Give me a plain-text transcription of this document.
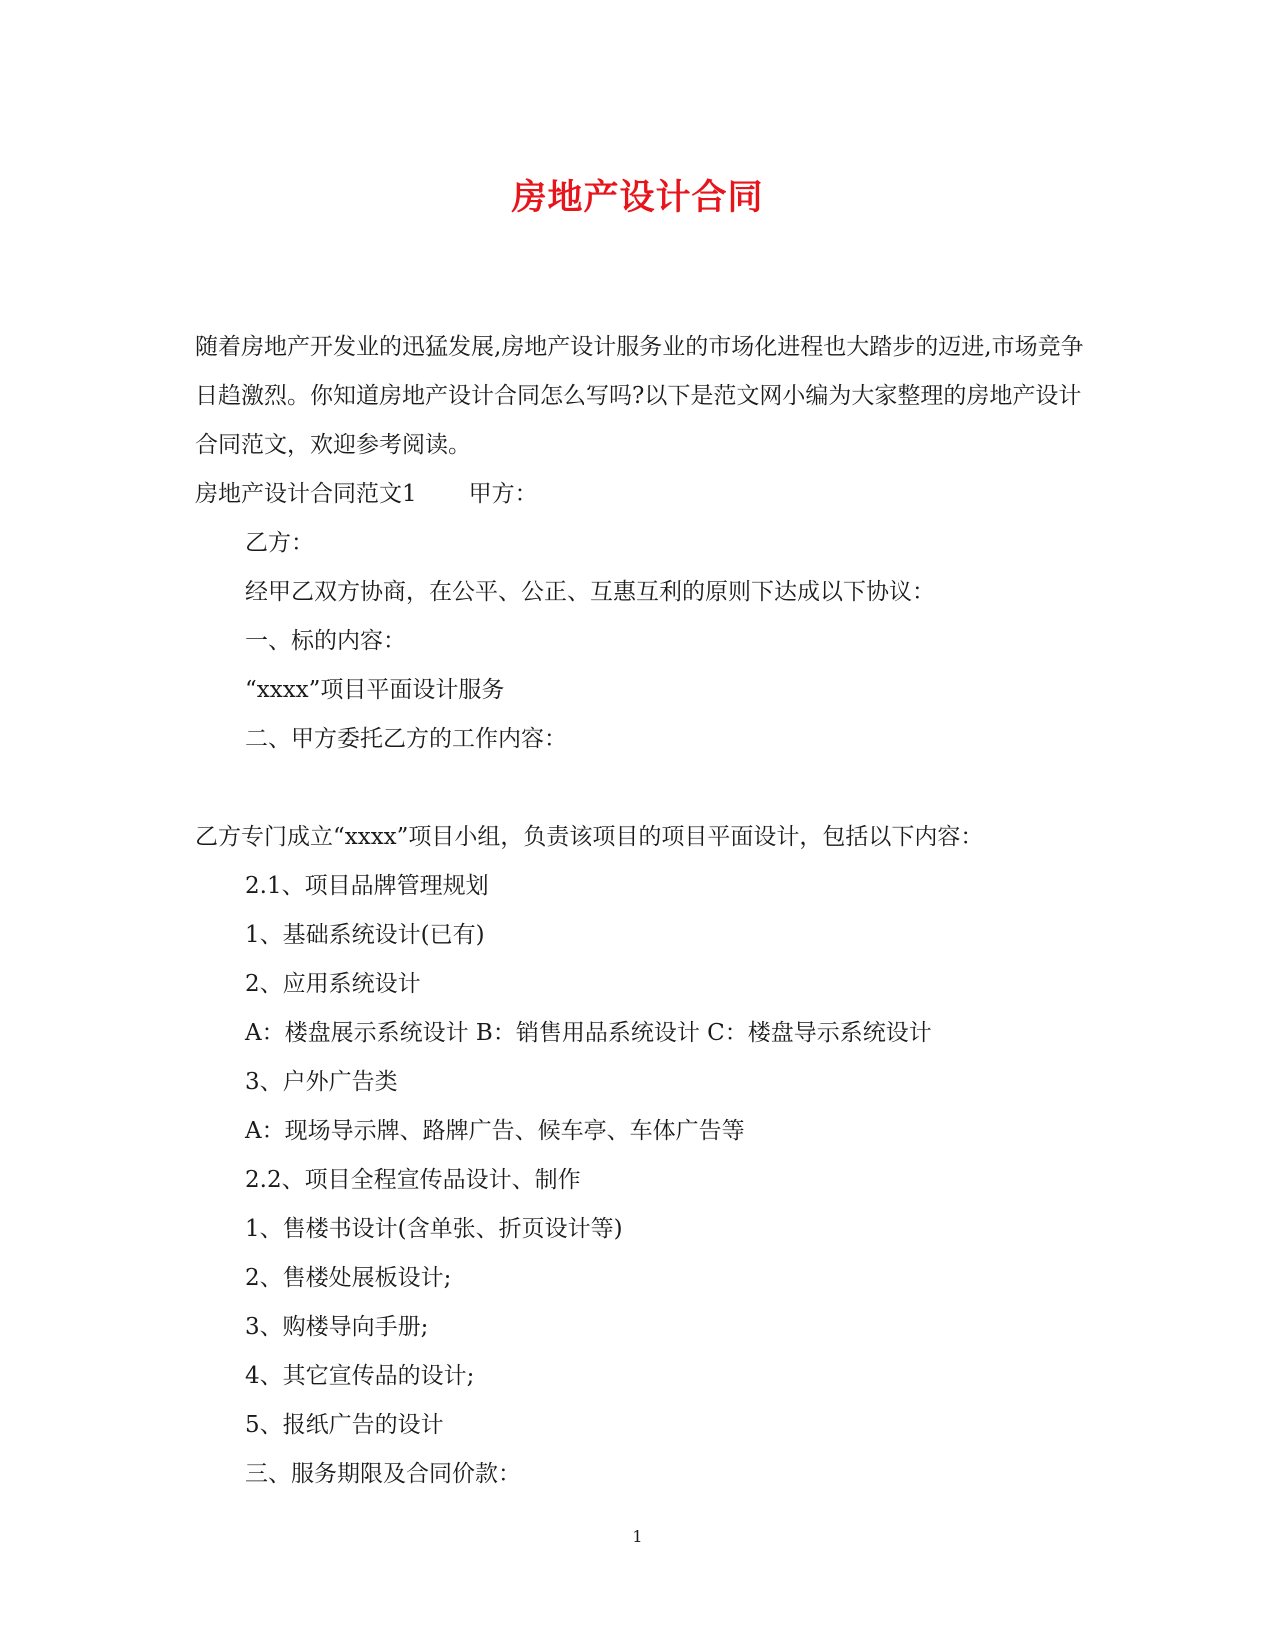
房地产设计合同

随着房地产开发业的迅猛发展,房地产设计服务业的市场化进程也大踏步的迈进,市场竞争日趋激烈。你知道房地产设计合同怎么写吗?以下是范文网小编为大家整理的房地产设计合同范文，欢迎参考阅读。

房地产设计合同范文1 甲方：

乙方：

经甲乙双方协商，在公平、公正、互惠互利的原则下达成以下协议：

一、标的内容：

“xxxx”项目平面设计服务

二、甲方委托乙方的工作内容：

乙方专门成立“xxxx”项目小组，负责该项目的项目平面设计，包括以下内容：

2.1、项目品牌管理规划

1、基础系统设计(已有)

2、应用系统设计

A：楼盘展示系统设计 B：销售用品系统设计 C：楼盘导示系统设计

3、户外广告类

A：现场导示牌、路牌广告、候车亭、车体广告等

2.2、项目全程宣传品设计、制作

1、售楼书设计(含单张、折页设计等)

2、售楼处展板设计;

3、购楼导向手册;

4、其它宣传品的设计;

5、报纸广告的设计

三、服务期限及合同价款：

1
